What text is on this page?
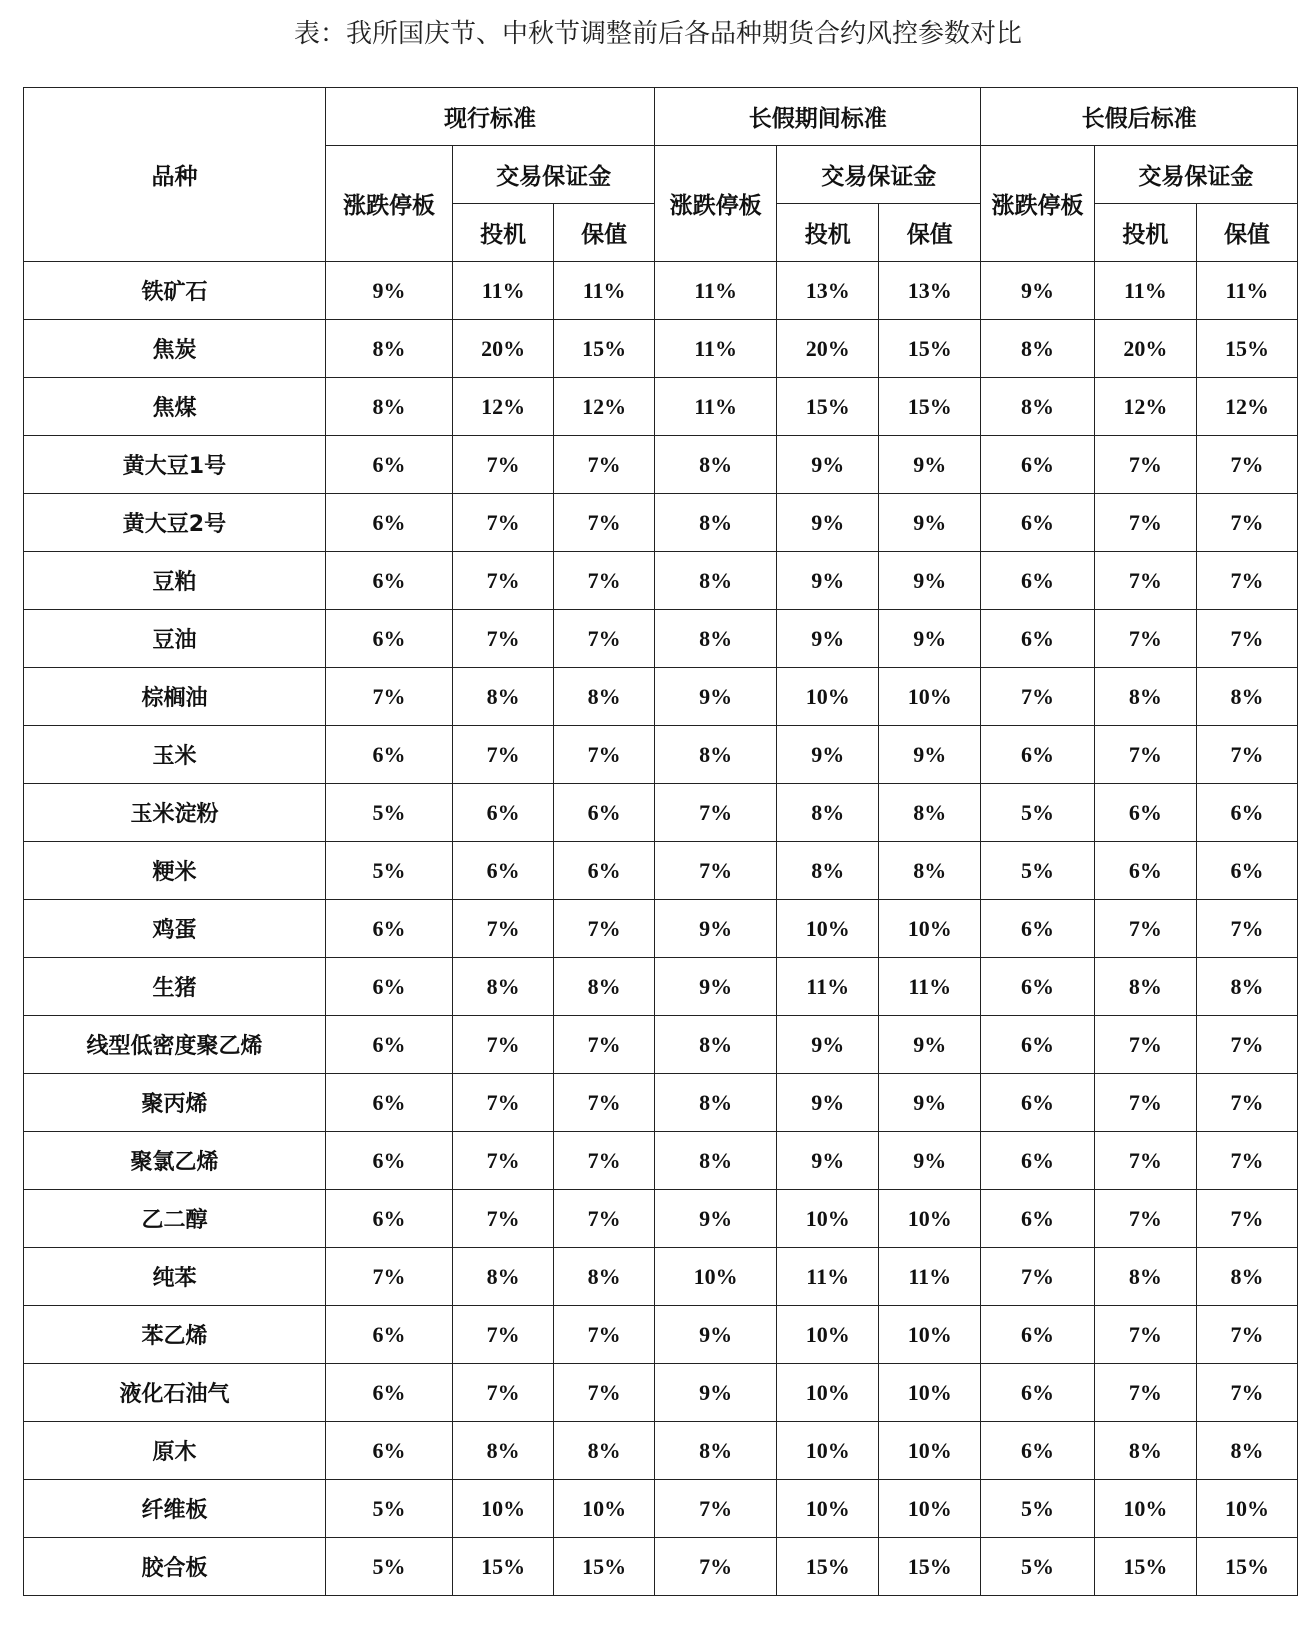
表：我所国庆节、中秋节调整前后各品种期货合约风控参数对比
品种	现行标准			长假期间标准			长假后标准		
	涨跌停板	交易保证金		涨跌停板	交易保证金		涨跌停板	交易保证金	
		投机	保值		投机	保值		投机	保值
铁矿石	9%	11%	11%	11%	13%	13%	9%	11%	11%
焦炭	8%	20%	15%	11%	20%	15%	8%	20%	15%
焦煤	8%	12%	12%	11%	15%	15%	8%	12%	12%
黄大豆1号	6%	7%	7%	8%	9%	9%	6%	7%	7%
黄大豆2号	6%	7%	7%	8%	9%	9%	6%	7%	7%
豆粕	6%	7%	7%	8%	9%	9%	6%	7%	7%
豆油	6%	7%	7%	8%	9%	9%	6%	7%	7%
棕榈油	7%	8%	8%	9%	10%	10%	7%	8%	8%
玉米	6%	7%	7%	8%	9%	9%	6%	7%	7%
玉米淀粉	5%	6%	6%	7%	8%	8%	5%	6%	6%
粳米	5%	6%	6%	7%	8%	8%	5%	6%	6%
鸡蛋	6%	7%	7%	9%	10%	10%	6%	7%	7%
生猪	6%	8%	8%	9%	11%	11%	6%	8%	8%
线型低密度聚乙烯	6%	7%	7%	8%	9%	9%	6%	7%	7%
聚丙烯	6%	7%	7%	8%	9%	9%	6%	7%	7%
聚氯乙烯	6%	7%	7%	8%	9%	9%	6%	7%	7%
乙二醇	6%	7%	7%	9%	10%	10%	6%	7%	7%
纯苯	7%	8%	8%	10%	11%	11%	7%	8%	8%
苯乙烯	6%	7%	7%	9%	10%	10%	6%	7%	7%
液化石油气	6%	7%	7%	9%	10%	10%	6%	7%	7%
原木	6%	8%	8%	8%	10%	10%	6%	8%	8%
纤维板	5%	10%	10%	7%	10%	10%	5%	10%	10%
胶合板	5%	15%	15%	7%	15%	15%	5%	15%	15%
